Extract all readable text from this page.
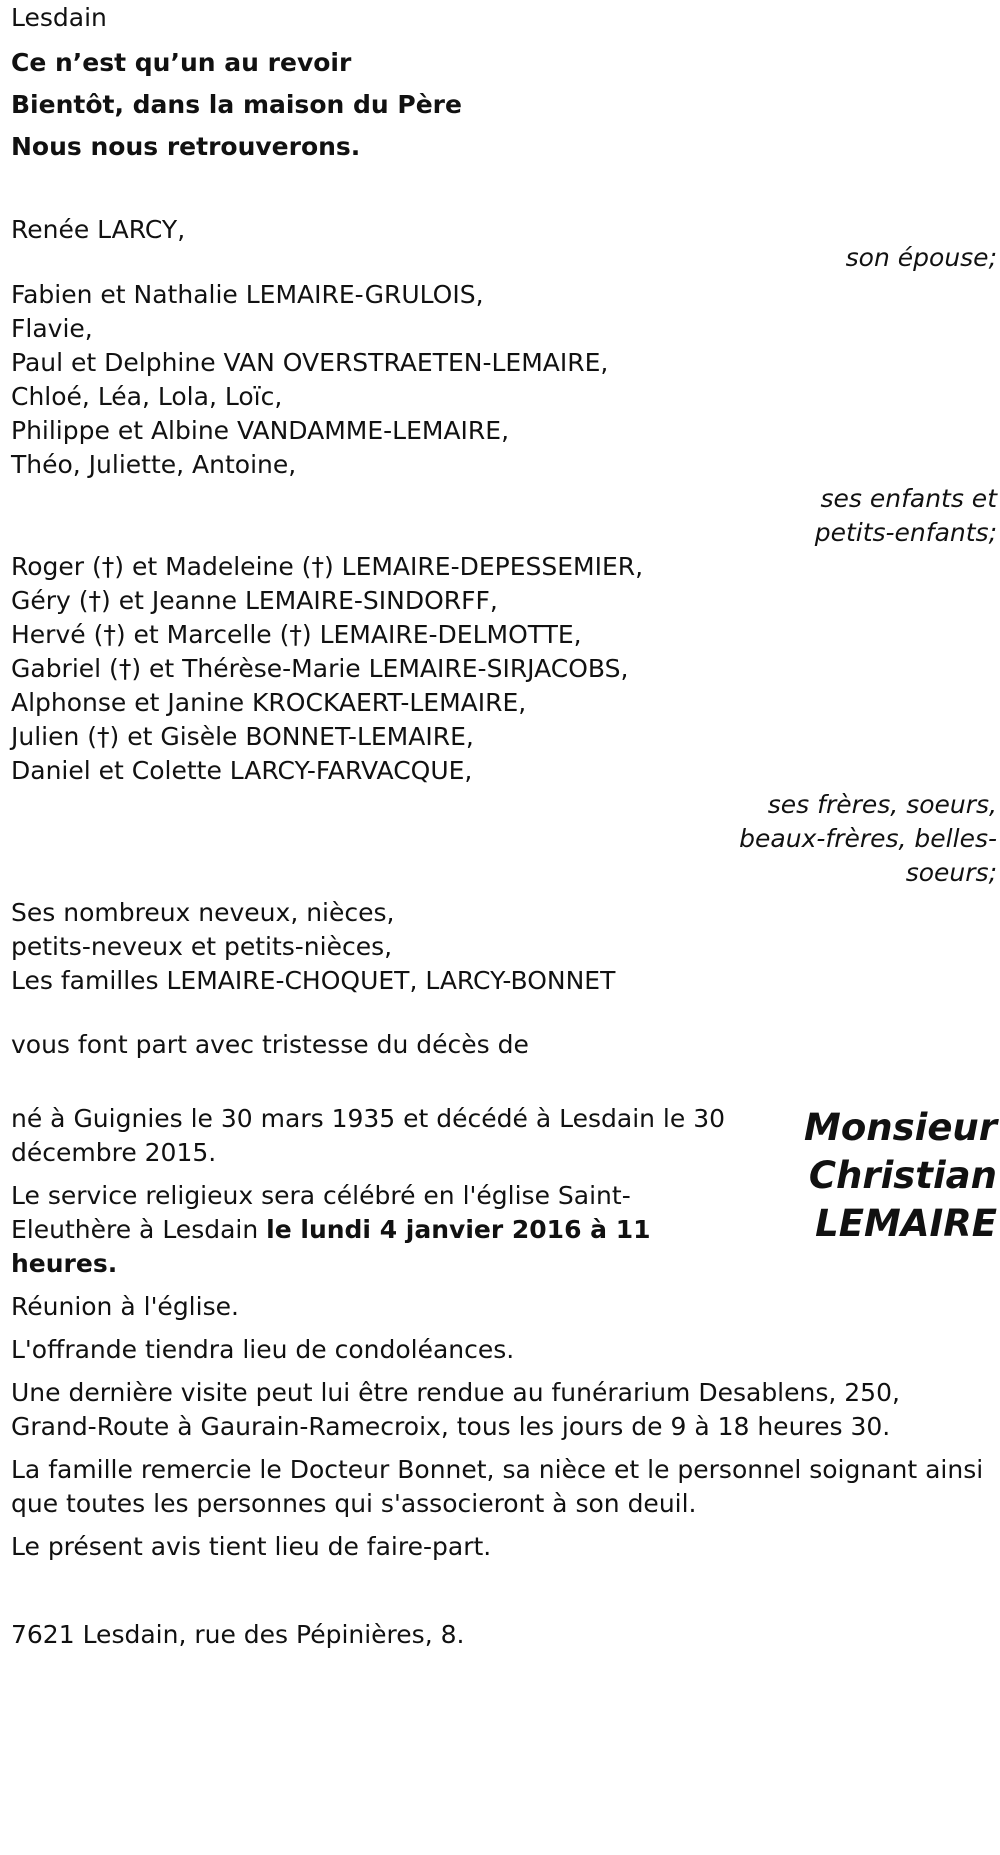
Lesdain
Ce n’est qu’un au revoir
Bientôt, dans la maison du Père
Nous nous retrouverons.
Renée LARCY,
son épouse;
Fabien et Nathalie LEMAIRE-GRULOIS,
Flavie,
Paul et Delphine VAN OVERSTRAETEN-LEMAIRE,
Chloé, Léa, Lola, Loïc,
Philippe et Albine VANDAMME-LEMAIRE,
Théo, Juliette, Antoine,
ses enfants et
petits-enfants;
Roger (†) et Madeleine (†) LEMAIRE-DEPESSEMIER,
Géry (†) et Jeanne LEMAIRE-SINDORFF,
Hervé (†) et Marcelle (†) LEMAIRE-DELMOTTE,
Gabriel (†) et Thérèse-Marie LEMAIRE-SIRJACOBS,
Alphonse et Janine KROCKAERT-LEMAIRE,
Julien (†) et Gisèle BONNET-LEMAIRE,
Daniel et Colette LARCY-FARVACQUE,
ses frères, soeurs,
beaux-frères, belles-
soeurs;
Ses nombreux neveux, nièces,
petits-neveux et petits-nièces,
Les familles LEMAIRE-CHOQUET, LARCY-BONNET
vous font part avec tristesse du décès de
Monsieur
Christian
LEMAIRE

né à Guignies le 30 mars 1935 et décédé à Lesdain le 30 décembre 2015.

Le service religieux sera célébré en l'église Saint-Eleuthère à Lesdain le lundi 4 janvier 2016 à 11 heures.

Réunion à l'église.

L'offrande tiendra lieu de condoléances.

Une dernière visite peut lui être rendue au funérarium Desablens, 250, Grand-Route à Gaurain-Ramecroix, tous les jours de 9 à 18 heures 30.

La famille remercie le Docteur Bonnet, sa nièce et le personnel soignant ainsi que toutes les personnes qui s'associeront à son deuil.

Le présent avis tient lieu de faire-part.

7621 Lesdain, rue des Pépinières, 8.
